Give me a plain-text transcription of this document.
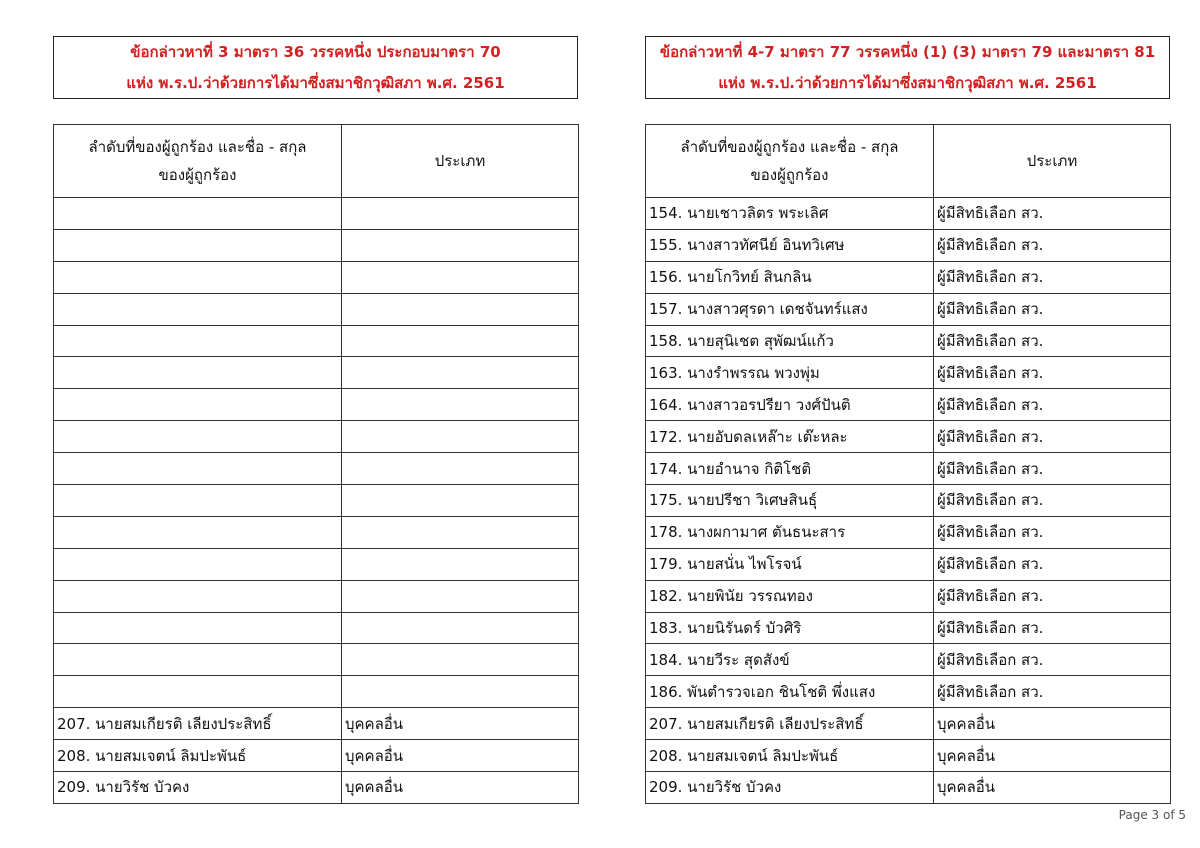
ข้อกล่าวหาที่ 3 มาตรา 36 วรรคหนึ่ง ประกอบมาตรา 70
แห่ง พ.ร.ป.ว่าด้วยการได้มาซึ่งสมาชิกวุฒิสภา พ.ศ. 2561
ลำดับที่ของผู้ถูกร้อง และชื่อ - สกุล
ของผู้ถูกร้อง	ประเภท

207. นายสมเกียรติ เลียงประสิทธิ์	บุคคลอื่น
208. นายสมเจตน์ ลิมปะพันธ์	บุคคลอื่น
209. นายวิรัช บัวคง	บุคคลอื่น
ข้อกล่าวหาที่ 4-7 มาตรา 77 วรรคหนึ่ง (1) (3) มาตรา 79 และมาตรา 81
แห่ง พ.ร.ป.ว่าด้วยการได้มาซึ่งสมาชิกวุฒิสภา พ.ศ. 2561
ลำดับที่ของผู้ถูกร้อง และชื่อ - สกุล
ของผู้ถูกร้อง	ประเภท
154. นายเชาวลิตร พระเลิศ	ผู้มีสิทธิเลือก สว.
155. นางสาวทัศนีย์ อินทวิเศษ	ผู้มีสิทธิเลือก สว.
156. นายโกวิทย์ สินกลิน	ผู้มีสิทธิเลือก สว.
157. นางสาวศุรดา เดชจันทร์แสง	ผู้มีสิทธิเลือก สว.
158. นายสุนิเชต สุพัฒน์แก้ว	ผู้มีสิทธิเลือก สว.
163. นางรำพรรณ พวงพุ่ม	ผู้มีสิทธิเลือก สว.
164. นางสาวอรปรียา วงศ์ปันติ	ผู้มีสิทธิเลือก สว.
172. นายอับดลเหล๊าะ เต๊ะหละ	ผู้มีสิทธิเลือก สว.
174. นายอำนาจ กิติโชติ	ผู้มีสิทธิเลือก สว.
175. นายปรีชา วิเศษสินธุ์	ผู้มีสิทธิเลือก สว.
178. นางผกามาศ ตันธนะสาร	ผู้มีสิทธิเลือก สว.
179. นายสนั่น ไพโรจน์	ผู้มีสิทธิเลือก สว.
182. นายพินัย วรรณทอง	ผู้มีสิทธิเลือก สว.
183. นายนิรันดร์ บัวศิริ	ผู้มีสิทธิเลือก สว.
184. นายวีระ สุดสังข์	ผู้มีสิทธิเลือก สว.
186. พันตำรวจเอก ชินโชติ พึ่งแสง	ผู้มีสิทธิเลือก สว.
207. นายสมเกียรติ เลียงประสิทธิ์	บุคคลอื่น
208. นายสมเจตน์ ลิมปะพันธ์	บุคคลอื่น
209. นายวิรัช บัวคง	บุคคลอื่น
Page 3 of 5
